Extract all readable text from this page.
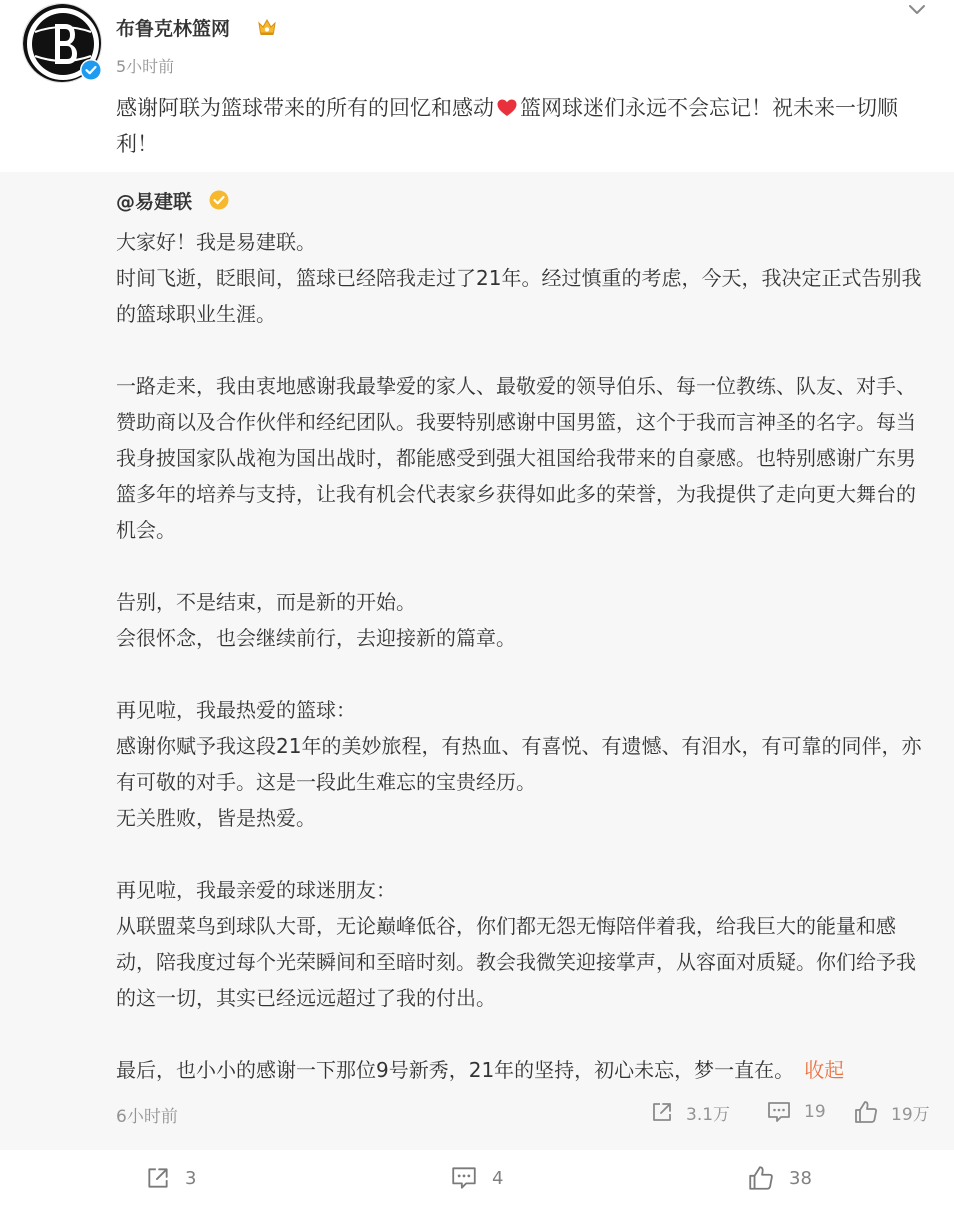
布鲁克林篮网
5小时前
感谢阿联为篮球带来的所有的回忆和感动 篮网球迷们永远不会忘记！祝未来一切顺利！
@易建联
大家好！我是易建联。
时间飞逝，眨眼间，篮球已经陪我走过了21年。经过慎重的考虑，今天，我决定正式告别我的篮球职业生涯。
一路走来，我由衷地感谢我最挚爱的家人、最敬爱的领导伯乐、每一位教练、队友、对手、赞助商以及合作伙伴和经纪团队。我要特别感谢中国男篮，这个于我而言神圣的名字。每当我身披国家队战袍为国出战时，都能感受到强大祖国给我带来的自豪感。也特别感谢广东男篮多年的培养与支持，让我有机会代表家乡获得如此多的荣誉，为我提供了走向更大舞台的机会。
告别，不是结束，而是新的开始。
会很怀念，也会继续前行，去迎接新的篇章。
再见啦，我最热爱的篮球：
感谢你赋予我这段21年的美妙旅程，有热血、有喜悦、有遗憾、有泪水，有可靠的同伴，亦有可敬的对手。这是一段此生难忘的宝贵经历。
无关胜败，皆是热爱。
再见啦，我最亲爱的球迷朋友：
从联盟菜鸟到球队大哥，无论巅峰低谷，你们都无怨无悔陪伴着我，给我巨大的能量和感动，陪我度过每个光荣瞬间和至暗时刻。教会我微笑迎接掌声，从容面对质疑。你们给予我的这一切，其实已经远远超过了我的付出。
最后，也小小的感谢一下那位9号新秀，21年的坚持，初心未忘，梦一直在。 收起
6小时前	3.1万	19	19万
3	4	38
